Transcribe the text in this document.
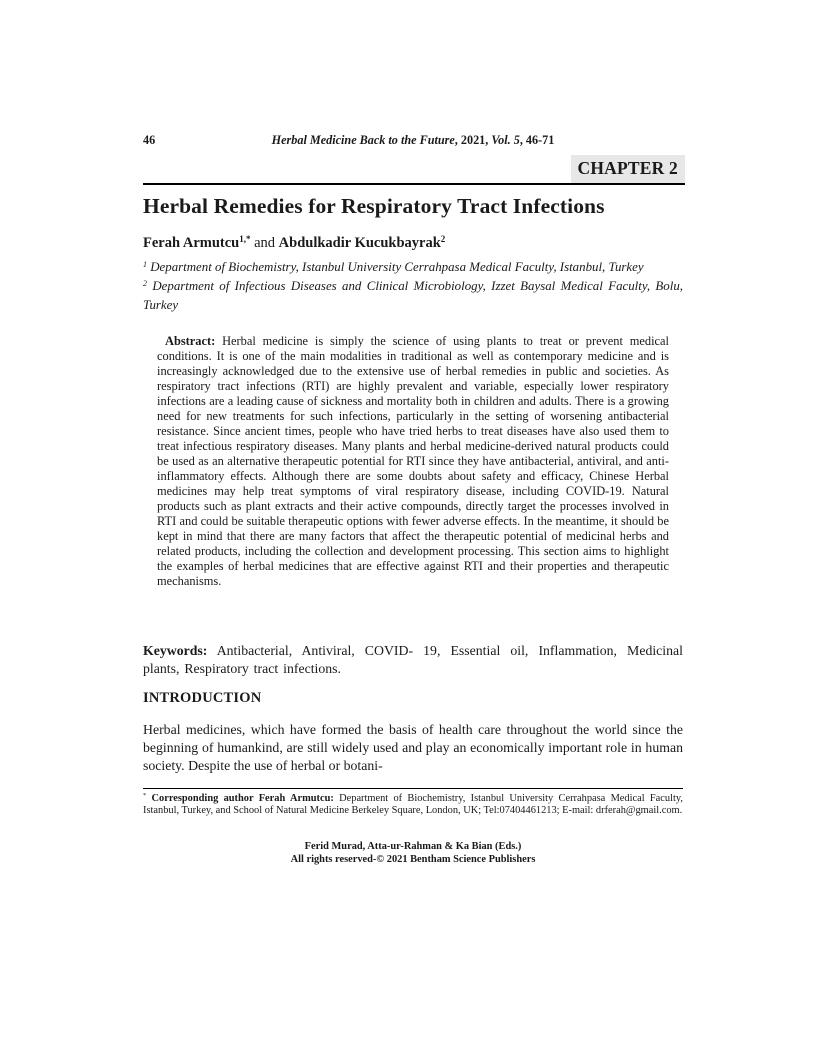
46	Herbal Medicine Back to the Future, 2021, Vol. 5, 46-71
CHAPTER 2
Herbal Remedies for Respiratory Tract Infections

Ferah Armutcu$^{1,*}$ and Abdulkadir Kucukbayrak$^2$

$^1$ Department of Biochemistry, Istanbul University Cerrahpasa Medical Faculty, Istanbul, Turkey

$^2$ Department of Infectious Diseases and Clinical Microbiology, Izzet Baysal Medical Faculty, Bolu, Turkey

Abstract: Herbal medicine is simply the science of using plants to treat or prevent medical conditions. It is one of the main modalities in traditional as well as contemporary medicine and is increasingly acknowledged due to the extensive use of herbal remedies in public and societies. As respiratory tract infections (RTI) are highly prevalent and variable, especially lower respiratory infections are a leading cause of sickness and mortality both in children and adults. There is a growing need for new treatments for such infections, particularly in the setting of worsening antibacterial resistance. Since ancient times, people who have tried herbs to treat diseases have also used them to treat infectious respiratory diseases. Many plants and herbal medicine-derived natural products could be used as an alternative therapeutic potential for RTI since they have antibacterial, antiviral, and anti-inflammatory effects. Although there are some doubts about safety and efficacy, Chinese Herbal medicines may help treat symptoms of viral respiratory disease, including COVID-19. Natural products such as plant extracts and their active compounds, directly target the processes involved in RTI and could be suitable therapeutic options with fewer adverse effects. In the meantime, it should be kept in mind that there are many factors that affect the therapeutic potential of medicinal herbs and related products, including the collection and development processing. This section aims to highlight the examples of herbal medicines that are effective against RTI and their properties and therapeutic mechanisms.

Keywords: Antibacterial, Antiviral, COVID- 19, Essential oil, Inflammation, Medicinal plants, Respiratory tract infections.

INTRODUCTION

Herbal medicines, which have formed the basis of health care throughout the world since the beginning of humankind, are still widely used and play an economically important role in human society. Despite the use of herbal or botani-

* Corresponding author Ferah Armutcu: Department of Biochemistry, Istanbul University Cerrahpasa Medical Faculty, Istanbul, Turkey, and School of Natural Medicine Berkeley Square, London, UK; Tel:07404461213; E-mail: drferah@gmail.com.

Ferid Murad, Atta-ur-Rahman & Ka Bian (Eds.)
All rights reserved-© 2021 Bentham Science Publishers
